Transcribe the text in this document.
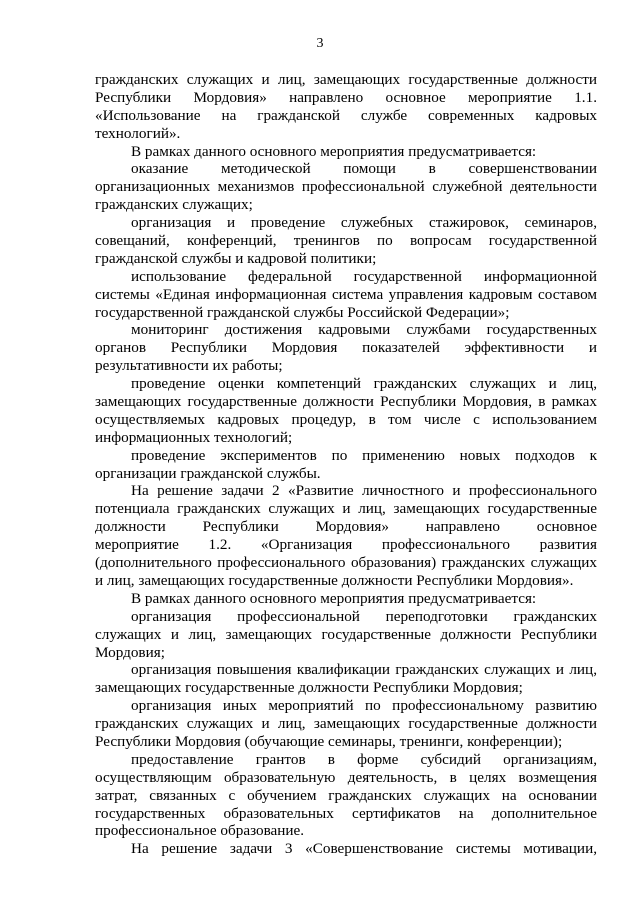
3
гражданских служащих и лиц, замещающих государственные должности
Республики Мордовия» направлено основное мероприятие 1.1.
«Использование на гражданской службе современных кадровых
технологий».
В рамках данного основного мероприятия предусматривается:
оказание методической помощи в совершенствовании
организационных механизмов профессиональной служебной деятельности
гражданских служащих;
организация и проведение служебных стажировок, семинаров,
совещаний, конференций, тренингов по вопросам государственной
гражданской службы и кадровой политики;
использование федеральной государственной информационной
системы «Единая информационная система управления кадровым составом
государственной гражданской службы Российской Федерации»;
мониторинг достижения кадровыми службами государственных
органов Республики Мордовия показателей эффективности и
результативности их работы;
проведение оценки компетенций гражданских служащих и лиц,
замещающих государственные должности Республики Мордовия, в рамках
осуществляемых кадровых процедур, в том числе с использованием
информационных технологий;
проведение экспериментов по применению новых подходов к
организации гражданской службы.
На решение задачи 2 «Развитие личностного и профессионального
потенциала гражданских служащих и лиц, замещающих государственные
должности Республики Мордовия» направлено основное
мероприятие 1.2. «Организация профессионального развития
(дополнительного профессионального образования) гражданских служащих
и лиц, замещающих государственные должности Республики Мордовия».
В рамках данного основного мероприятия предусматривается:
организация профессиональной переподготовки гражданских
служащих и лиц, замещающих государственные должности Республики
Мордовия;
организация повышения квалификации гражданских служащих и лиц,
замещающих государственные должности Республики Мордовия;
организация иных мероприятий по профессиональному развитию
гражданских служащих и лиц, замещающих государственные должности
Республики Мордовия (обучающие семинары, тренинги, конференции);
предоставление грантов в форме субсидий организациям,
осуществляющим образовательную деятельность, в целях возмещения
затрат, связанных с обучением гражданских служащих на основании
государственных образовательных сертификатов на дополнительное
профессиональное образование.
На решение задачи 3 «Совершенствование системы мотивации,
